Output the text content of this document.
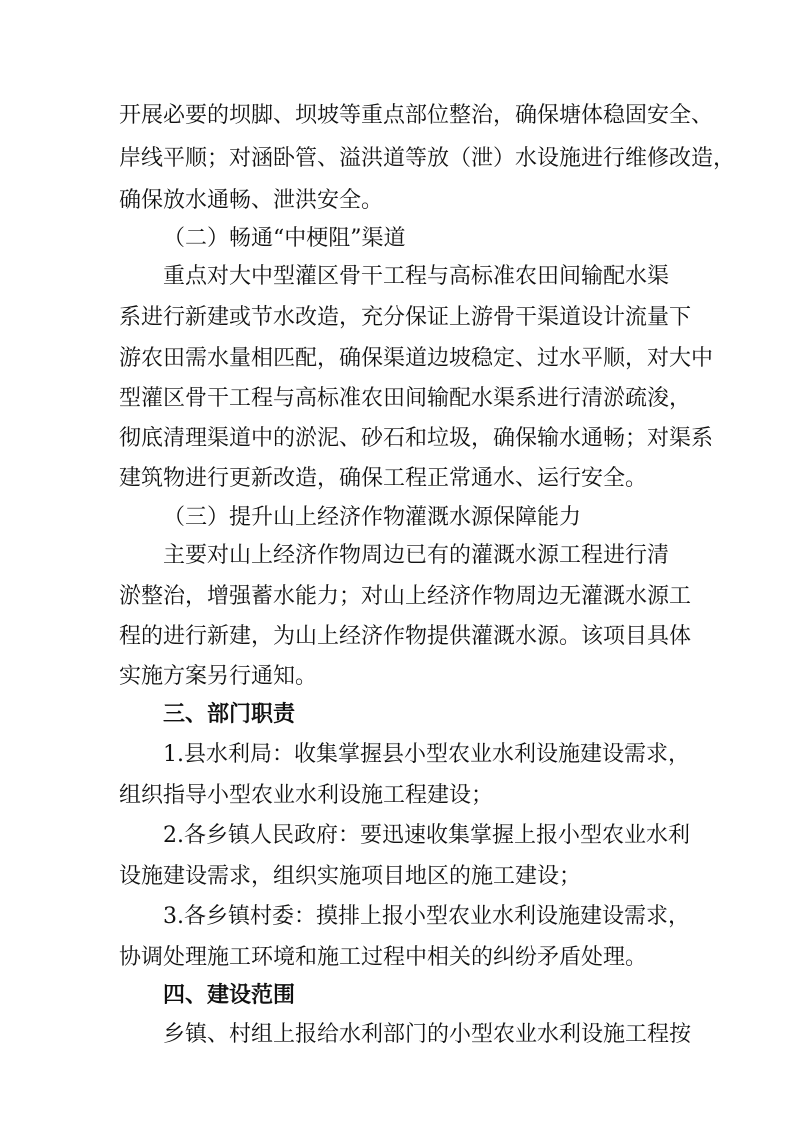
开展必要的坝脚、坝坡等重点部位整治，确保塘体稳固安全、
岸线平顺；对涵卧管、溢洪道等放（泄）水设施进行维修改造，
确保放水通畅、泄洪安全。
（二）畅通“中梗阻”渠道
重点对大中型灌区骨干工程与高标准农田间输配水渠
系进行新建或节水改造，充分保证上游骨干渠道设计流量下
游农田需水量相匹配，确保渠道边坡稳定、过水平顺，对大中
型灌区骨干工程与高标准农田间输配水渠系进行清淤疏浚，
彻底清理渠道中的淤泥、砂石和垃圾，确保输水通畅；对渠系
建筑物进行更新改造，确保工程正常通水、运行安全。
（三）提升山上经济作物灌溉水源保障能力
主要对山上经济作物周边已有的灌溉水源工程进行清
淤整治，增强蓄水能力；对山上经济作物周边无灌溉水源工
程的进行新建，为山上经济作物提供灌溉水源。该项目具体
实施方案另行通知。
三、部门职责
1.县水利局：收集掌握县小型农业水利设施建设需求，
组织指导小型农业水利设施工程建设；
2.各乡镇人民政府：要迅速收集掌握上报小型农业水利
设施建设需求，组织实施项目地区的施工建设；
3.各乡镇村委：摸排上报小型农业水利设施建设需求，
协调处理施工环境和施工过程中相关的纠纷矛盾处理。
四、建设范围
乡镇、村组上报给水利部门的小型农业水利设施工程按
